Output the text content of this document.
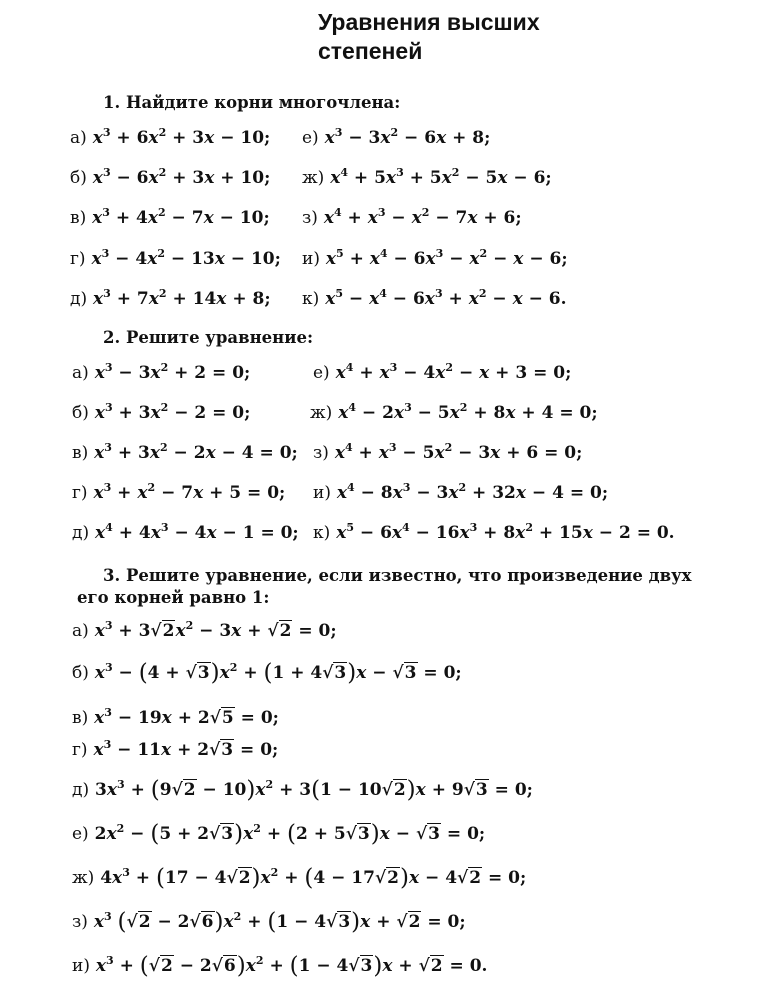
Уравнения высших
степеней
1. Найдите корни многочлена:
а) $x^3 + 6x^2 + 3x - 10$; е) $x^3 - 3x^2 - 6x + 8$;
б) $x^3 - 6x^2 + 3x + 10$; ж) $x^4 + 5x^3 + 5x^2 - 5x - 6$;
в) $x^3 + 4x^2 - 7x - 10$; з) $x^4 + x^3 - x^2 - 7x + 6$;
г) $x^3 - 4x^2 - 13x - 10$; и) $x^5 + x^4 - 6x^3 - x^2 - x - 6$;
д) $x^3 + 7x^2 + 14x + 8$; к) $x^5 - x^4 - 6x^3 + x^2 - x - 6$.
2. Решите уравнение:
а) $x^3 - 3x^2 + 2 = 0$;	е) $x^4 + x^3 - 4x^2 - x + 3 = 0$;
б) $x^3 + 3x^2 - 2 = 0$;	ж) $x^4 - 2x^3 - 5x^2 + 8x + 4 = 0$;
в) $x^3 + 3x^2 - 2x - 4 = 0$; з) $x^4 + x^3 - 5x^2 - 3x + 6 = 0$;
г) $x^3 + x^2 - 7x + 5 = 0$; и) $x^4 - 8x^3 - 3x^2 + 32x - 4 = 0$;
д) $x^4 + 4x^3 - 4x - 1 = 0$; к) $x^5 - 6x^4 - 16x^3 + 8x^2 + 15x - 2 = 0$.
3. Решите уравнение, если известно, что произведение двух
его корней равно 1:
а) $x^3 + 3√2x^2 - 3x + √2 = 0$;
б) $x^3 - (4 + √3)x^2 + (1 + 4√3)x - √3 = 0$;
в) $x^3 - 19x + 2√5 = 0$;
г) $x^3 - 11x + 2√3 = 0$;
д) $3x^3 + (9√2 - 10)x^2 + 3(1 - 10√2)x + 9√3 = 0$;
е) $2x^2 - (5 + 2√3)x^2 + (2 + 5√3)x - √3 = 0$;
ж) $4x^3 + (17 - 4√2)x^2 + (4 - 17√2)x - 4√2 = 0$;
з) $x^3$ $(√2 - 2√6)x^2 + (1 - 4√3)x + √2 = 0$;
и) $x^3 + (√2 - 2√6)x^2 + (1 - 4√3)x + √2 = 0$.
